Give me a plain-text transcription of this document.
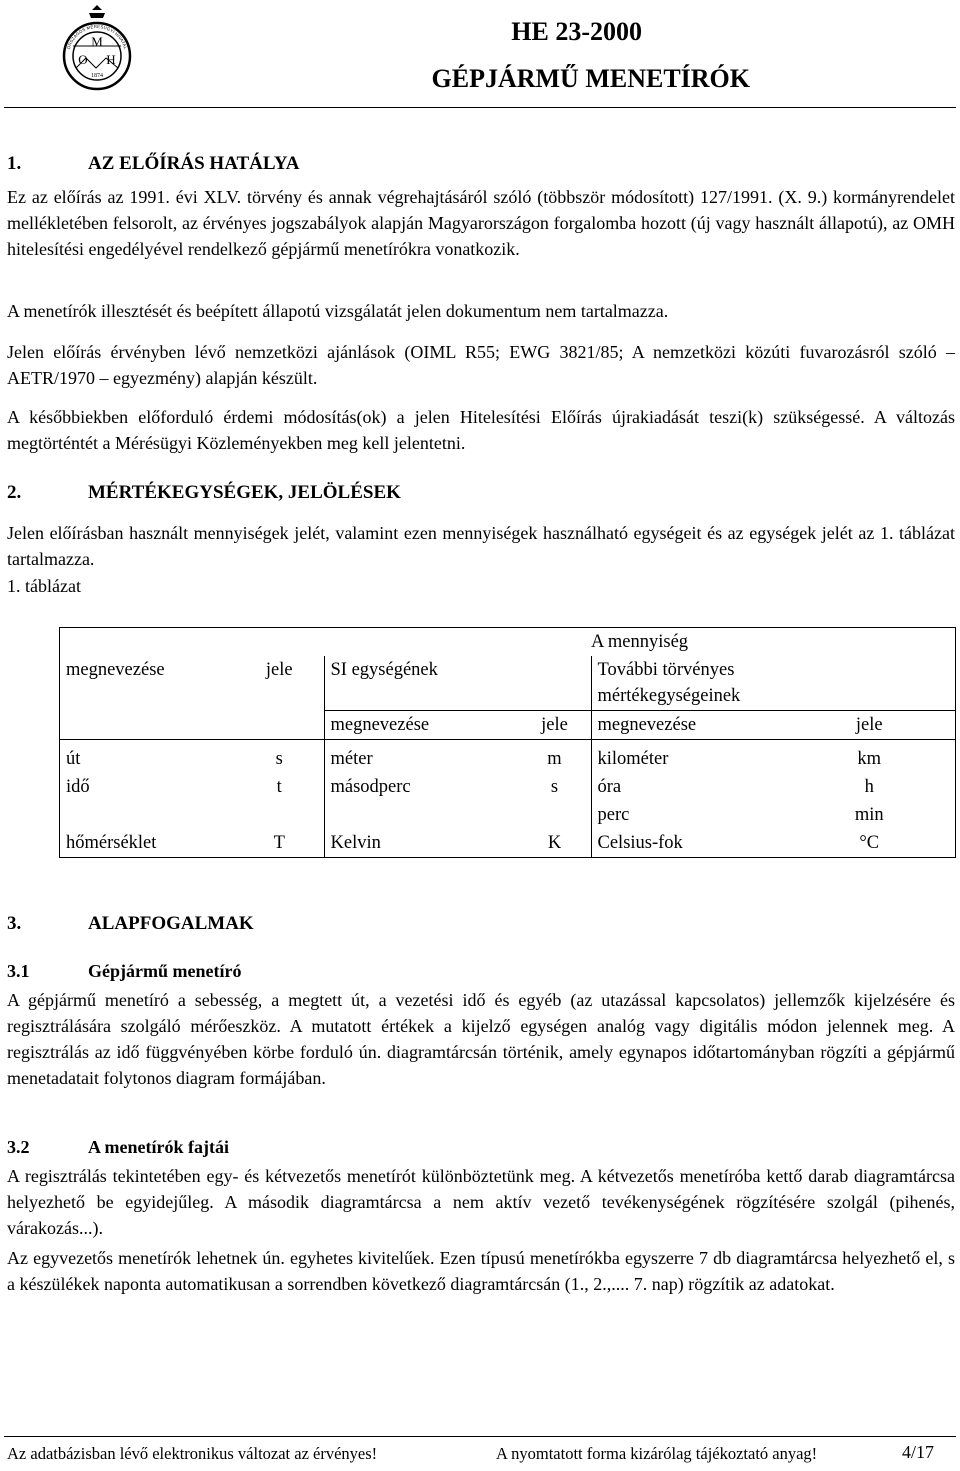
M
O H
1874
ORSZÁGOS MÉRÉSÜGYI HIVATAL
HE 23-2000
GÉPJÁRMŰ MENETÍRÓK
1.	AZ ELŐÍRÁS HATÁLYA
Ez az előírás az 1991. évi XLV. törvény és annak végrehajtásáról szóló (többször módosított) 127/1991. (X. 9.) kormányrendelet mellékletében felsorolt, az érvényes jogszabályok alapján Magyarországon forgalomba hozott (új vagy használt állapotú), az OMH hitelesítési engedélyével rendelkező gépjármű menetírókra vonatkozik.
A menetírók illesztését és beépített állapotú vizsgálatát jelen dokumentum nem tartalmazza.
Jelen előírás érvényben lévő nemzetközi ajánlások (OIML R55; EWG 3821/85; A nemzetközi közúti fuvarozásról szóló – AETR/1970 – egyezmény) alapján készült.
A későbbiekben előforduló érdemi módosítás(ok) a jelen Hitelesítési Előírás újrakiadását teszi(k) szükségessé. A változás megtörténtét a Mérésügyi Közleményekben meg kell jelentetni.
2.	MÉRTÉKEGYSÉGEK, JELÖLÉSEK
Jelen előírásban használt mennyiségek jelét, valamint ezen mennyiségek használható egységeit és az egységek jelét az 1. táblázat tartalmazza.
1. táblázat
		A mennyiség			
megnevezése	jele	SI egységének		További törvényes
mértékegységeinek	

		megnevezése	jele	megnevezése	jele
út	s	méter	m	kilométer	km
idő	t	másodperc	s	óra	h
				perc	min
hőmérséklet	T	Kelvin	K	Celsius-fok	°C
3.	ALAPFOGALMAK
3.1	Gépjármű menetíró
A gépjármű menetíró a sebesség, a megtett út, a vezetési idő és egyéb (az utazással kapcsolatos) jellemzők kijelzésére és regisztrálására szolgáló mérőeszköz. A mutatott értékek a kijelző egységen analóg vagy digitális módon jelennek meg. A regisztrálás az idő függvényében körbe forduló ún. diagramtárcsán történik, amely egynapos időtartományban rögzíti a gépjármű menetadatait folytonos diagram formájában.
3.2	A menetírók fajtái
A regisztrálás tekintetében egy- és kétvezetős menetírót különböztetünk meg. A kétvezetős menetíróba kettő darab diagramtárcsa helyezhető be egyidejűleg. A második diagramtárcsa a nem aktív vezető tevékenységének rögzítésére szolgál (pihenés, várakozás...).
Az egyvezetős menetírók lehetnek ún. egyhetes kivitelűek. Ezen típusú menetírókba egyszerre 7 db diagramtárcsa helyezhető el, s a készülékek naponta automatikusan a sorrendben következő diagramtárcsán (1., 2.,.... 7. nap) rögzítik az adatokat.
Az adatbázisban lévő elektronikus változat az érvényes!	A nyomtatott forma kizárólag tájékoztató anyag!	4/17
